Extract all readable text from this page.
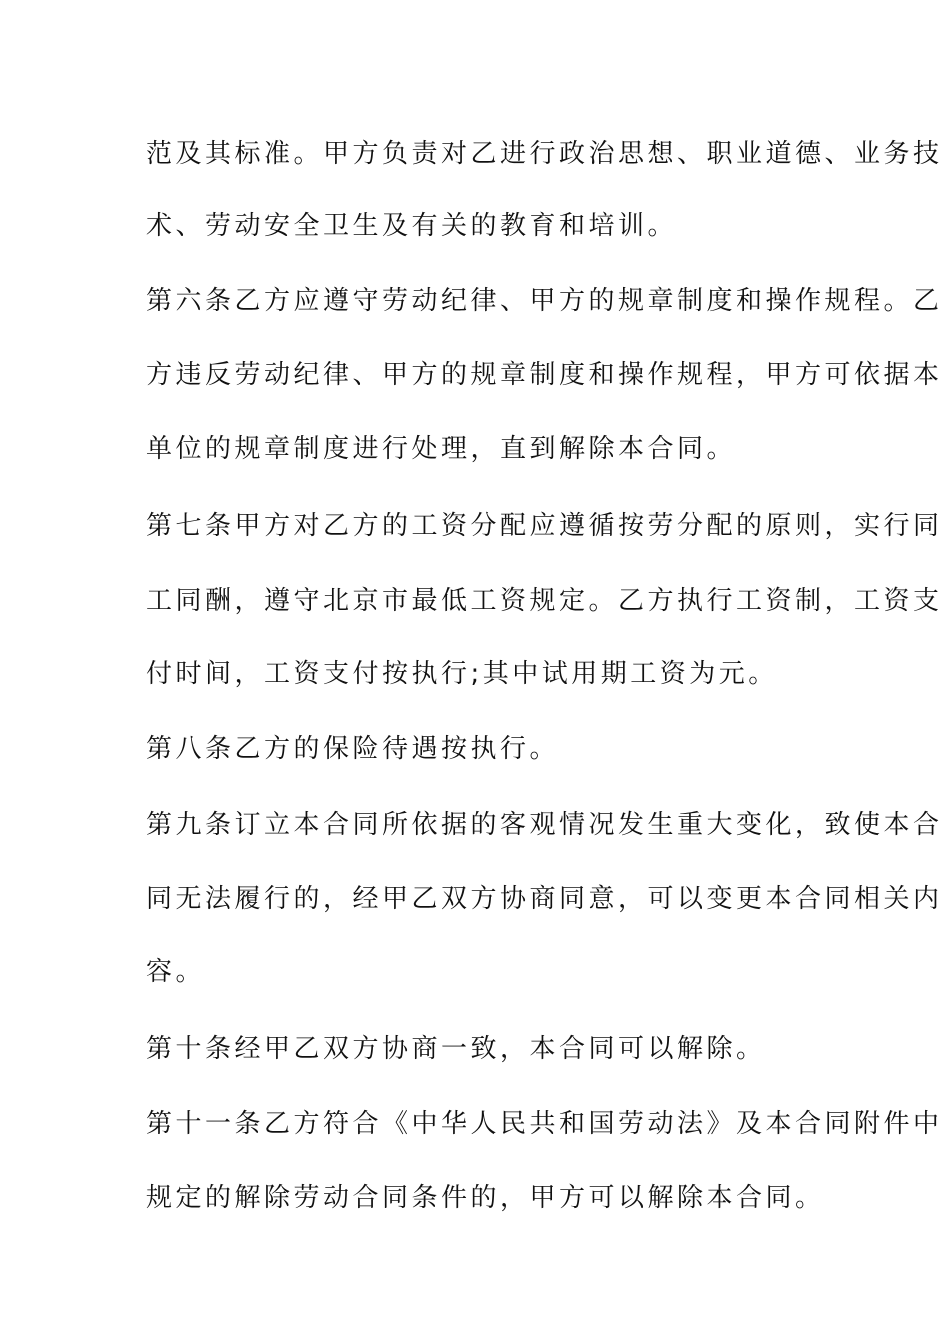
范及其标准。甲方负责对乙进行政治思想、职业道德、业务技
术、劳动安全卫生及有关的教育和培训。
第六条乙方应遵守劳动纪律、甲方的规章制度和操作规程。乙
方违反劳动纪律、甲方的规章制度和操作规程，甲方可依据本
单位的规章制度进行处理，直到解除本合同。
第七条甲方对乙方的工资分配应遵循按劳分配的原则，实行同
工同酬，遵守北京市最低工资规定。乙方执行工资制，工资支
付时间，工资支付按执行;其中试用期工资为元。
第八条乙方的保险待遇按执行。
第九条订立本合同所依据的客观情况发生重大变化，致使本合
同无法履行的，经甲乙双方协商同意，可以变更本合同相关内
容。
第十条经甲乙双方协商一致，本合同可以解除。
第十一条乙方符合《中华人民共和国劳动法》及本合同附件中
规定的解除劳动合同条件的，甲方可以解除本合同。
